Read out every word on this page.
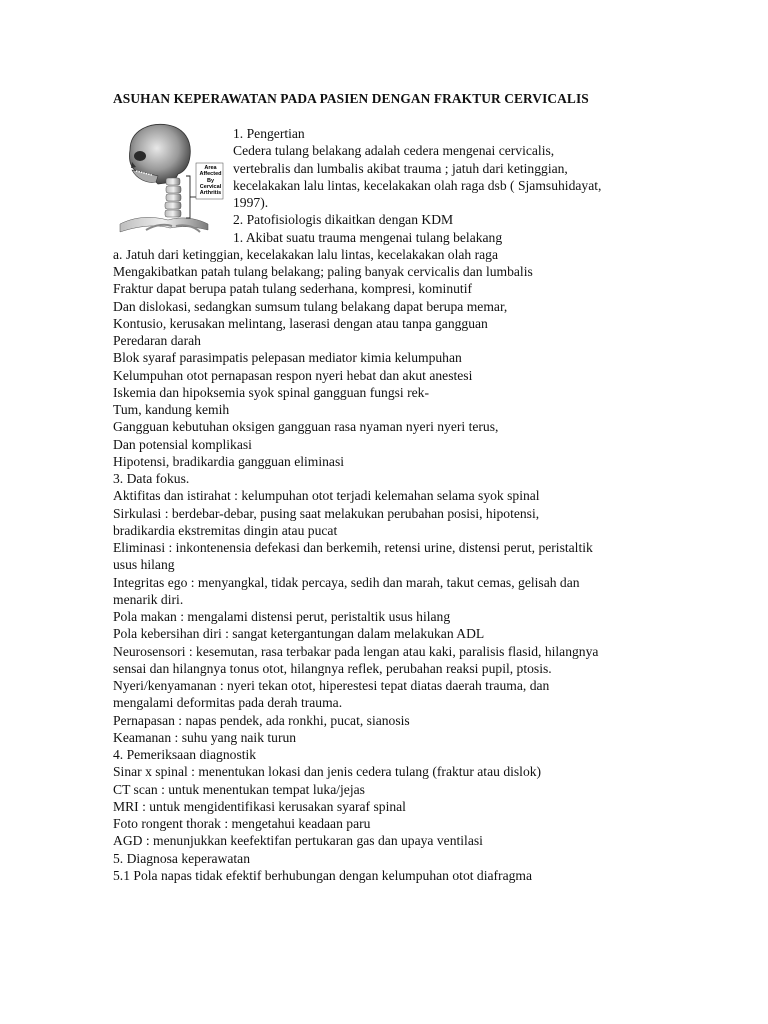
ASUHAN KEPERAWATAN PADA PASIEN DENGAN FRAKTUR CERVICALIS
Area
Affected
By
Cervical
Arthritis
1. Pengertian
Cedera tulang belakang adalah cedera mengenai cervicalis,
vertebralis dan lumbalis akibat trauma ; jatuh dari ketinggian,
kecelakakan lalu lintas, kecelakakan olah raga dsb ( Sjamsuhidayat,
1997).
2. Patofisiologis dikaitkan dengan KDM
1. Akibat suatu trauma mengenai tulang belakang
a. Jatuh dari ketinggian, kecelakakan lalu lintas, kecelakakan olah raga
Mengakibatkan patah tulang belakang; paling banyak cervicalis dan lumbalis
Fraktur dapat berupa patah tulang sederhana, kompresi, kominutif
Dan dislokasi, sedangkan sumsum tulang belakang dapat berupa memar,
Kontusio, kerusakan melintang, laserasi dengan atau tanpa gangguan
Peredaran darah
Blok syaraf parasimpatis pelepasan mediator kimia kelumpuhan
Kelumpuhan otot pernapasan respon nyeri hebat dan akut anestesi
Iskemia dan hipoksemia syok spinal gangguan fungsi rek-
Tum, kandung kemih
Gangguan kebutuhan oksigen gangguan rasa nyaman nyeri nyeri terus,
Dan potensial komplikasi
Hipotensi, bradikardia gangguan eliminasi
3. Data fokus.
Aktifitas dan istirahat : kelumpuhan otot terjadi kelemahan selama syok spinal
Sirkulasi : berdebar-debar, pusing saat melakukan perubahan posisi, hipotensi,
bradikardia ekstremitas dingin atau pucat
Eliminasi : inkontenensia defekasi dan berkemih, retensi urine, distensi perut, peristaltik
usus hilang
Integritas ego : menyangkal, tidak percaya, sedih dan marah, takut cemas, gelisah dan
menarik diri.
Pola makan : mengalami distensi perut, peristaltik usus hilang
Pola kebersihan diri : sangat ketergantungan dalam melakukan ADL
Neurosensori : kesemutan, rasa terbakar pada lengan atau kaki, paralisis flasid, hilangnya
sensai dan hilangnya tonus otot, hilangnya reflek, perubahan reaksi pupil, ptosis.
Nyeri/kenyamanan : nyeri tekan otot, hiperestesi tepat diatas daerah trauma, dan
mengalami deformitas pada derah trauma.
Pernapasan : napas pendek, ada ronkhi, pucat, sianosis
Keamanan : suhu yang naik turun
4. Pemeriksaan diagnostik
Sinar x spinal : menentukan lokasi dan jenis cedera tulang (fraktur atau dislok)
CT scan : untuk menentukan tempat luka/jejas
MRI : untuk mengidentifikasi kerusakan syaraf spinal
Foto rongent thorak : mengetahui keadaan paru
AGD : menunjukkan keefektifan pertukaran gas dan upaya ventilasi
5. Diagnosa keperawatan
5.1 Pola napas tidak efektif berhubungan dengan kelumpuhan otot diafragma
